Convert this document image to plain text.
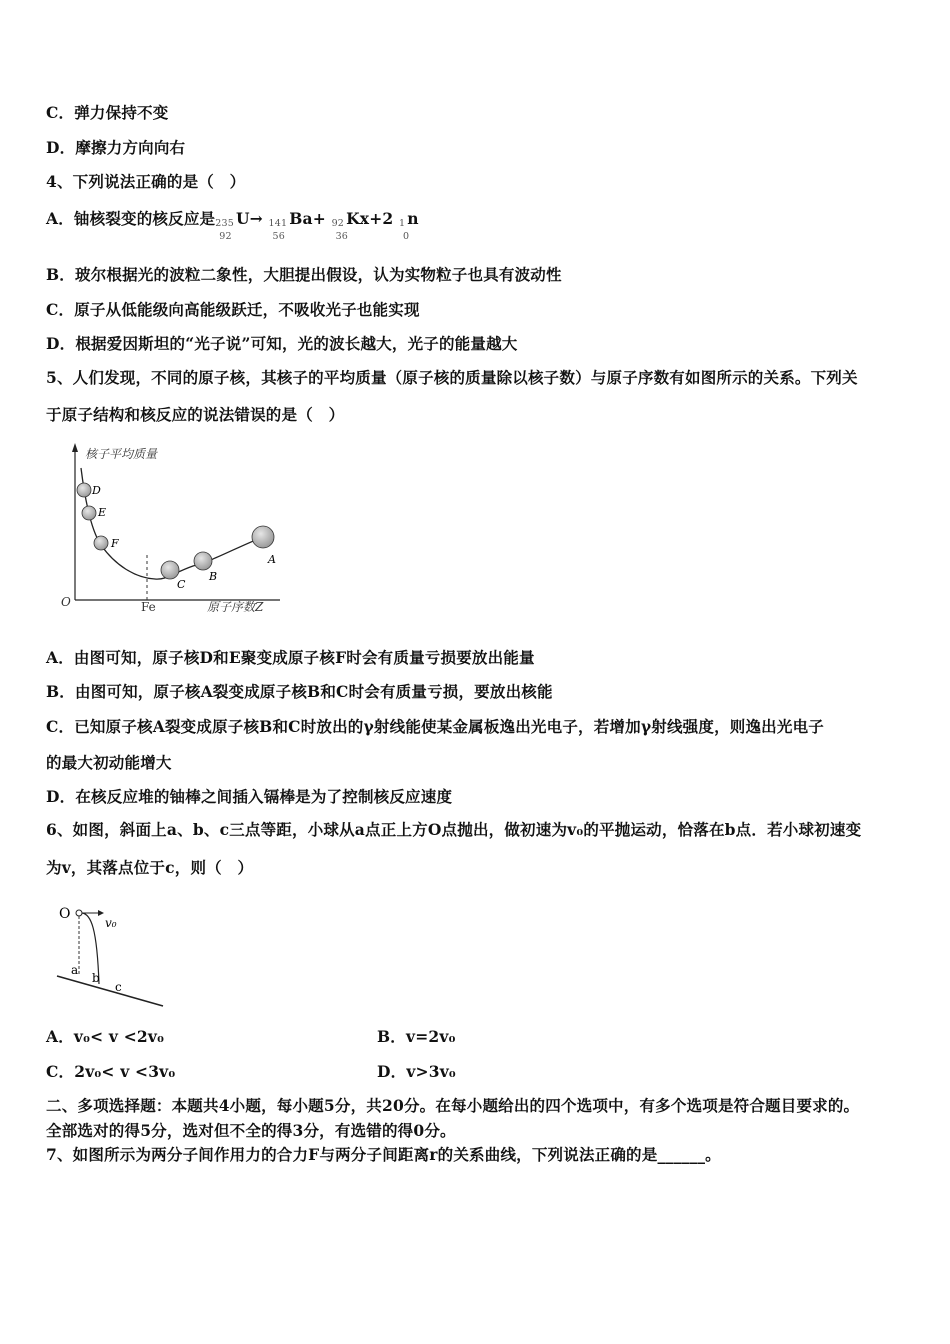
C．弹力保持不变
D．摩擦力方向向右
4、下列说法正确的是（　）
A．铀核裂变的核反应是235
92
U→ 141
56
Ba+ 92
36
Kx+2 1
0
n
B．玻尔根据光的波粒二象性，大胆提出假设，认为实物粒子也具有波动性
C．原子从低能级向高能级跃迁，不吸收光子也能实现
D．根据爱因斯坦的“光子说”可知，光的波长越大，光子的能量越大
5、人们发现，不同的原子核，其核子的平均质量（原子核的质量除以核子数）与原子序数有如图所示的关系。下列关
于原子结构和核反应的说法错误的是（　）
核子平均质量
原子序数Z
O	Fe
D
E
F
C
B
A
A．由图可知，原子核D和E聚变成原子核F时会有质量亏损要放出能量
B．由图可知，原子核A裂变成原子核B和C时会有质量亏损，要放出核能
C．已知原子核A裂变成原子核B和C时放出的γ射线能使某金属板逸出光电子，若增加γ射线强度，则逸出光电子
的最大初动能增大
D．在核反应堆的铀棒之间插入镉棒是为了控制核反应速度
6、如图，斜面上a、b、c三点等距，小球从a点正上方O点抛出，做初速为v₀的平抛运动，恰落在b点．若小球初速变
为v，其落点位于c，则（　）
O
v₀
a
b
c
A．v₀< v <2v₀	B．v=2v₀
C．2v₀< v <3v₀	D．v>3v₀
二、多项选择题：本题共4小题，每小题5分，共20分。在每小题给出的四个选项中，有多个选项是符合题目要求的。
全部选对的得5分，选对但不全的得3分，有选错的得0分。
7、如图所示为两分子间作用力的合力F与两分子间距离r的关系曲线，下列说法正确的是______。
